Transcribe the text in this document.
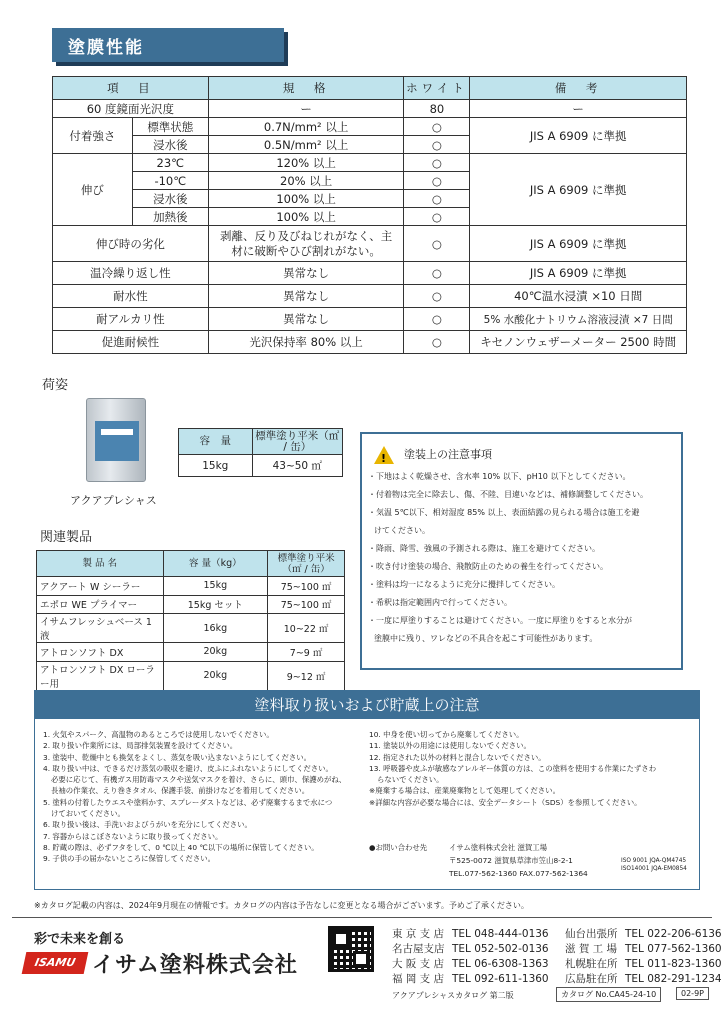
塗膜性能
項　目		規　格	ホワイト	備　考
60 度鏡面光沢度		ー	80	ー
付着強さ	標準状態	0.7N/mm² 以上	○	JIS A 6909 に準拠
	浸水後	0.5N/mm² 以上	○	
伸び	23℃	120% 以上	○	JIS A 6909 に準拠
	-10℃	20% 以上	○	
	浸水後	100% 以上	○	
	加熱後	100% 以上	○	
伸び時の劣化		剥離、反り及びねじれがなく、主材に破断やひび割れがない。	○	JIS A 6909 に準拠
温冷繰り返し性		異常なし	○	JIS A 6909 に準拠
耐水性		異常なし	○	40℃温水浸漬 ×10 日間
耐アルカリ性		異常なし	○	5% 水酸化ナトリウム溶液浸漬 ×7 日間
促進耐候性		光沢保持率 80% 以上	○	キセノンウェザーメーター 2500 時間
荷姿
アクアプレシャス
容　量	標準塗り平米（㎡ / 缶）
15kg	43~50 ㎡
関連製品
製 品 名	容 量（kg）	標準塗り平米（㎡ / 缶）
アクアート W シーラー	15kg	75~100 ㎡
エポロ WE プライマー	15kg セット	75~100 ㎡
イサムフレッシュベース 1 液	16kg	10~22 ㎡
アトロンソフト DX	20kg	7~9 ㎡
アトロンソフト DX ローラー用	20kg	9~12 ㎡
! 塗装上の注意事項
・下地はよく乾燥させ、含水率 10% 以下、pH10 以下としてください。
・付着物は完全に除去し、傷、不陸、目違いなどは、補修調整してください。
・気温 5℃以下、相対湿度 85% 以上、表面結露の見られる場合は施工を避
けてください。
・降雨、降雪、強風の予測される際は、施工を避けてください。
・吹き付け塗装の場合、飛散防止のための養生を行ってください。
・塗料は均一になるように充分に攪拌してください。
・希釈は指定範囲内で行ってください。
・一度に厚塗りすることは避けてください。一度に厚塗りをすると水分が
塗膜中に残り、ワレなどの不具合を起こす可能性があります。
塗料取り扱いおよび貯蔵上の注意
1. 火気やスパーク、高温物のあるところでは使用しないでください。
2. 取り扱い作業所には、局部排気装置を設けてください。
3. 塗装中、乾燥中とも換気をよくし、蒸気を吸い込まないようにしてください。
4. 取り扱い中は、できるだけ蒸気の吸収を避け、皮ふにふれないようにしてください。
必要に応じて、有機ガス用防毒マスクや送気マスクを着け、さらに、頭巾、保護めがね、
長袖の作業衣、えり巻きタオル、保護手袋、前掛けなどを着用してください。
5. 塗料の付着したウエスや塗料かす、スプレーダストなどは、必ず廃棄するまで水につ
けておいてください。
6. 取り扱い後は、手洗いおよびうがいを充分にしてください。
7. 容器からはこぼさないように取り扱ってください。
8. 貯蔵の際は、必ずフタをして、0 ℃以上 40 ℃以下の場所に保管してください。
9. 子供の手の届かないところに保管してください。
10. 中身を使い切ってから廃棄してください。
11. 塗装以外の用途には使用しないでください。
12. 指定された以外の材料と混合しないでください。
13. 呼吸器や皮ふが敏感なアレルギー体質の方は、この塗料を使用する作業にたずさわ
らないでください。
※廃棄する場合は、産業廃棄物として処理してください。
※詳細な内容が必要な場合には、安全データシート（SDS）を参照してください。
●お問い合わせ先	イサム塗料株式会社 滋賀工場
〒525-0072 滋賀県草津市笠山8-2-1
TEL.077-562-1360 FAX.077-562-1364
ISO 9001 JQA-QM4745
ISO14001 JQA-EM0854
※カタログ記載の内容は、2024年9月現在の情報です。カタログの内容は予告なしに変更となる場合がございます。予めご了承ください。
彩で未来を創る
ISAMU イサム塗料株式会社
東 京 支 店 TEL 048-444-0136
名古屋支店 TEL 052-502-0136
大 阪 支 店 TEL 06-6308-1363
福 岡 支 店 TEL 092-611-1360
仙台出張所 TEL 022-206-6136
滋 賀 工 場 TEL 077-562-1360
札幌駐在所 TEL 011-823-1360
広島駐在所 TEL 082-291-1234
アクアプレシャスカタログ 第二版	カタログ No.CA45-24-10	02-9P
